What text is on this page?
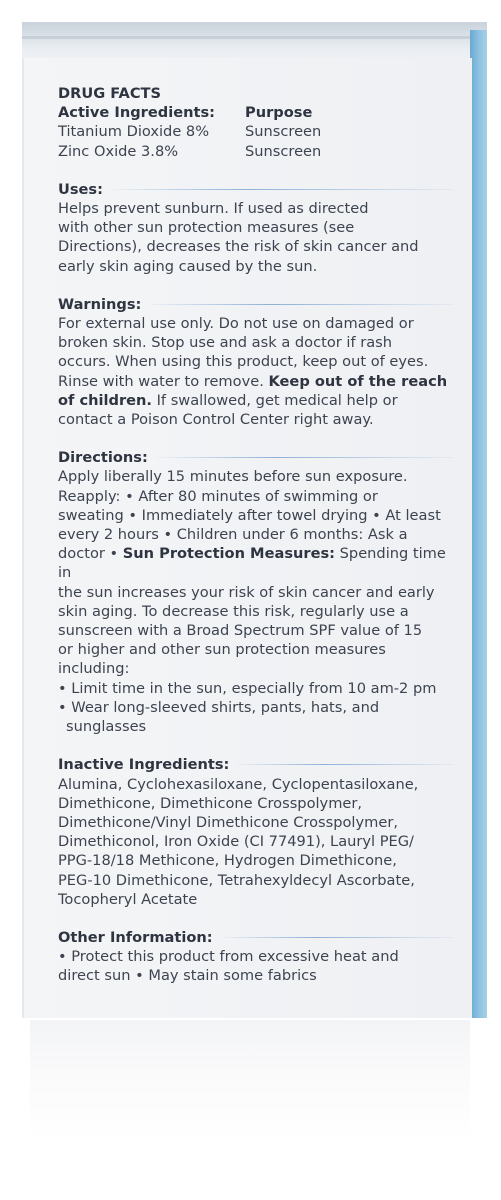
DRUG FACTS
Active Ingredients:	Purpose
Titanium Dioxide 8%	Sunscreen
Zinc Oxide 3.8%	Sunscreen
Uses:
Helps prevent sunburn. If used as directed
with other sun protection measures (see
Directions), decreases the risk of skin cancer and
early skin aging caused by the sun.
Warnings:
For external use only. Do not use on damaged or
broken skin. Stop use and ask a doctor if rash
occurs. When using this product, keep out of eyes.
Rinse with water to remove. Keep out of the reach
of children. If swallowed, get medical help or
contact a Poison Control Center right away.
Directions:
Apply liberally 15 minutes before sun exposure.
Reapply: • After 80 minutes of swimming or
sweating • Immediately after towel drying • At least
every 2 hours • Children under 6 months: Ask a
doctor • Sun Protection Measures: Spending time in
the sun increases your risk of skin cancer and early
skin aging. To decrease this risk, regularly use a
sunscreen with a Broad Spectrum SPF value of 15
or higher and other sun protection measures
including:
• Limit time in the sun, especially from 10 am-2 pm
• Wear long-sleeved shirts, pants, hats, and sunglasses
Inactive Ingredients:
Alumina, Cyclohexasiloxane, Cyclopentasiloxane,
Dimethicone, Dimethicone Crosspolymer,
Dimethicone/Vinyl Dimethicone Crosspolymer,
Dimethiconol, Iron Oxide (CI 77491), Lauryl PEG/
PPG-18/18 Methicone, Hydrogen Dimethicone,
PEG-10 Dimethicone, Tetrahexyldecyl Ascorbate,
Tocopheryl Acetate
Other Information:
• Protect this product from excessive heat and
direct sun • May stain some fabrics
